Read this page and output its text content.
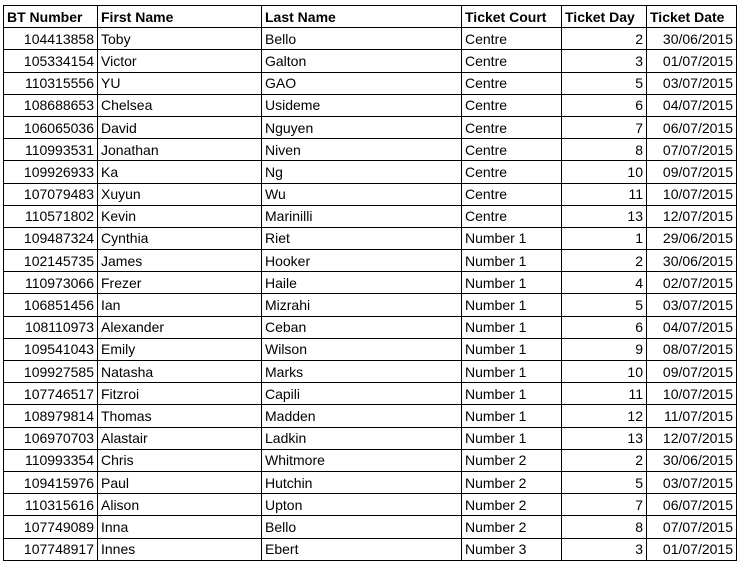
BT Number	First Name	Last Name	Ticket Court	Ticket Day	Ticket Date
104413858	Toby	Bello	Centre	2	30/06/2015
105334154	Victor	Galton	Centre	3	01/07/2015
110315556	YU	GAO	Centre	5	03/07/2015
108688653	Chelsea	Usideme	Centre	6	04/07/2015
106065036	David	Nguyen	Centre	7	06/07/2015
110993531	Jonathan	Niven	Centre	8	07/07/2015
109926933	Ka	Ng	Centre	10	09/07/2015
107079483	Xuyun	Wu	Centre	11	10/07/2015
110571802	Kevin	Marinilli	Centre	13	12/07/2015
109487324	Cynthia	Riet	Number 1	1	29/06/2015
102145735	James	Hooker	Number 1	2	30/06/2015
110973066	Frezer	Haile	Number 1	4	02/07/2015
106851456	Ian	Mizrahi	Number 1	5	03/07/2015
108110973	Alexander	Ceban	Number 1	6	04/07/2015
109541043	Emily	Wilson	Number 1	9	08/07/2015
109927585	Natasha	Marks	Number 1	10	09/07/2015
107746517	Fitzroi	Capili	Number 1	11	10/07/2015
108979814	Thomas	Madden	Number 1	12	11/07/2015
106970703	Alastair	Ladkin	Number 1	13	12/07/2015
110993354	Chris	Whitmore	Number 2	2	30/06/2015
109415976	Paul	Hutchin	Number 2	5	03/07/2015
110315616	Alison	Upton	Number 2	7	06/07/2015
107749089	Inna	Bello	Number 2	8	07/07/2015
107748917	Innes	Ebert	Number 3	3	01/07/2015
